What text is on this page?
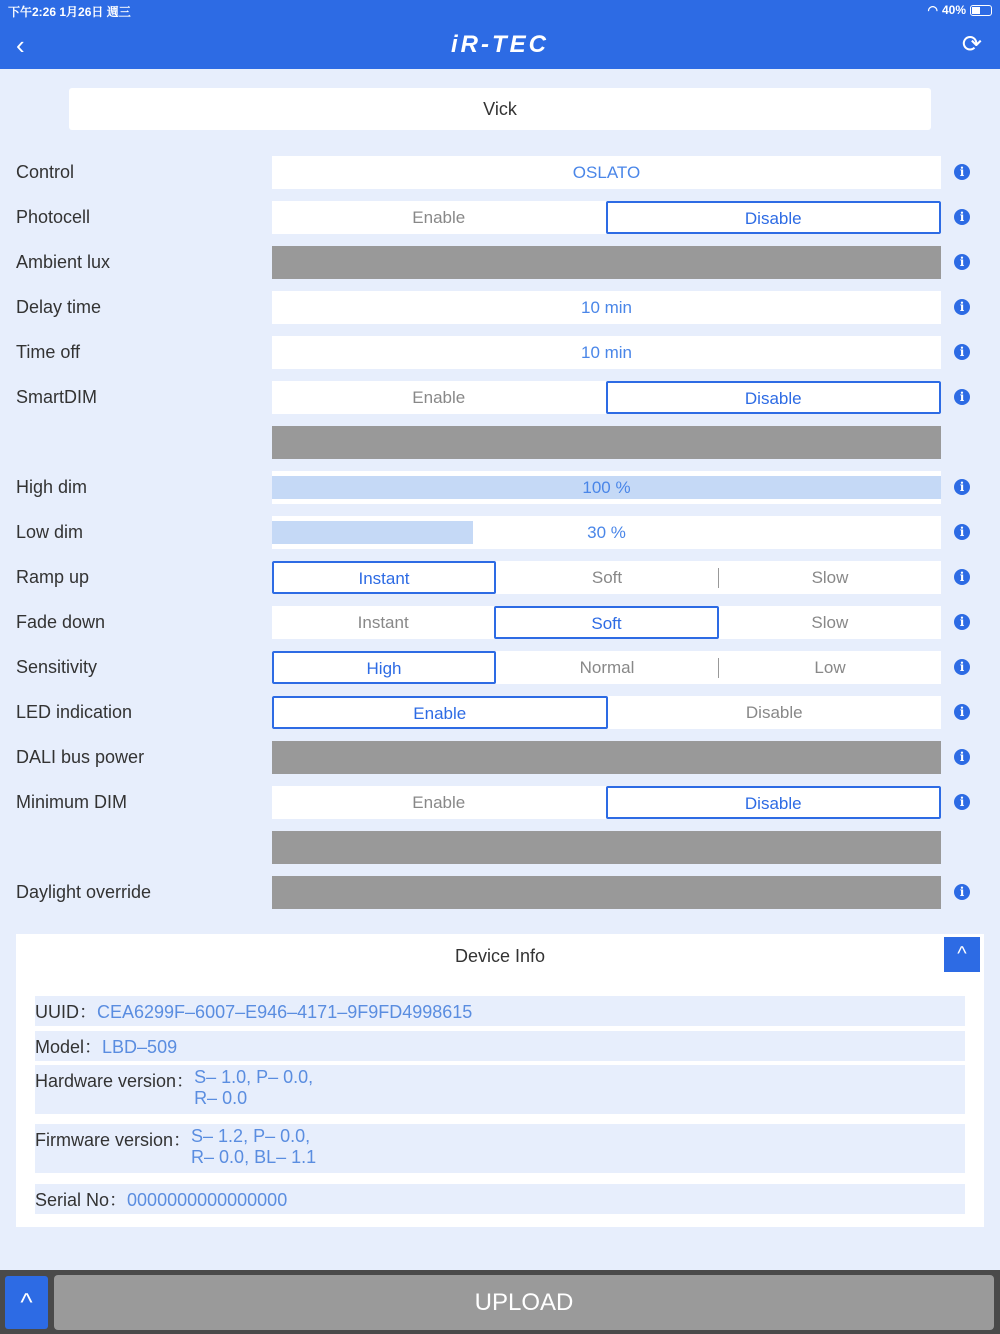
下午2:26 1月26日 週三	◠ 40%
‹	iR-TEC	⟳
Vick
Control	OSLATO	i
Photocell	Enable	Disable	i
Ambient lux	i
Delay time	10 min	i
Time off	10 min	i
SmartDIM	Enable	Disable	i
High dim	100 %	i
Low dim	30 %	i
Ramp up	Instant	Soft	Slow	i
Fade down	Instant	Soft	Slow	i
Sensitivity	High	Normal	Low	i
LED indication	Enable	Disable	i
DALI bus power	i
Minimum DIM	Enable	Disable	i
Daylight override	i
Device Info	^
UUID：CEA6299F–6007–E946–4171–9F9FD4998615
Model：LBD–509
Hardware version：S– 1.0, P– 0.0,
R– 0.0
Firmware version：S– 1.2, P– 0.0,
R– 0.0, BL– 1.1
Serial No：0000000000000000
^	UPLOAD
